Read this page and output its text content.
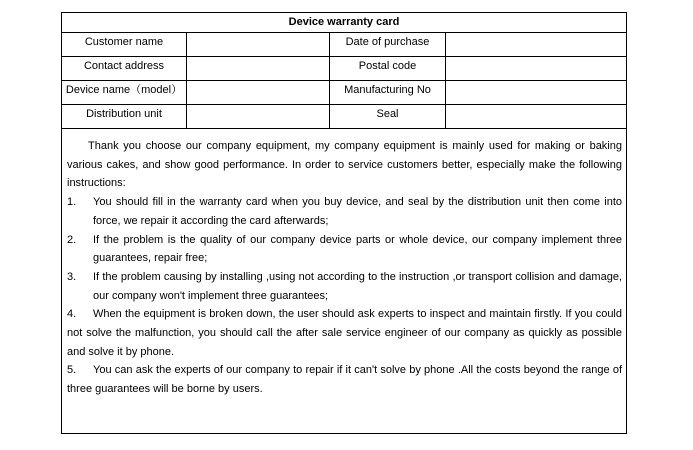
Device warranty card
Customer name	Date of purchase
Contact address	Postal code
Device name（model）	Manufacturing No
Distribution unit	Seal

Thank you choose our company equipment, my company equipment is mainly used for making or baking various cakes, and show good performance. In order to service customers better, especially make the following instructions:

1. You should fill in the warranty card when you buy device, and seal by the distribution unit then come into force, we repair it according the card afterwards;

2. If the problem is the quality of our company device parts or whole device, our company implement three guarantees, repair free;

3. If the problem causing by installing ,using not according to the instruction ,or transport collision and damage, our company won't implement three guarantees;

4. When the equipment is broken down, the user should ask experts to inspect and maintain firstly. If you could not solve the malfunction, you should call the after sale service engineer of our company as quickly as possible and solve it by phone.

5. You can ask the experts of our company to repair if it can't solve by phone .All the costs beyond the range of three guarantees will be borne by users.
